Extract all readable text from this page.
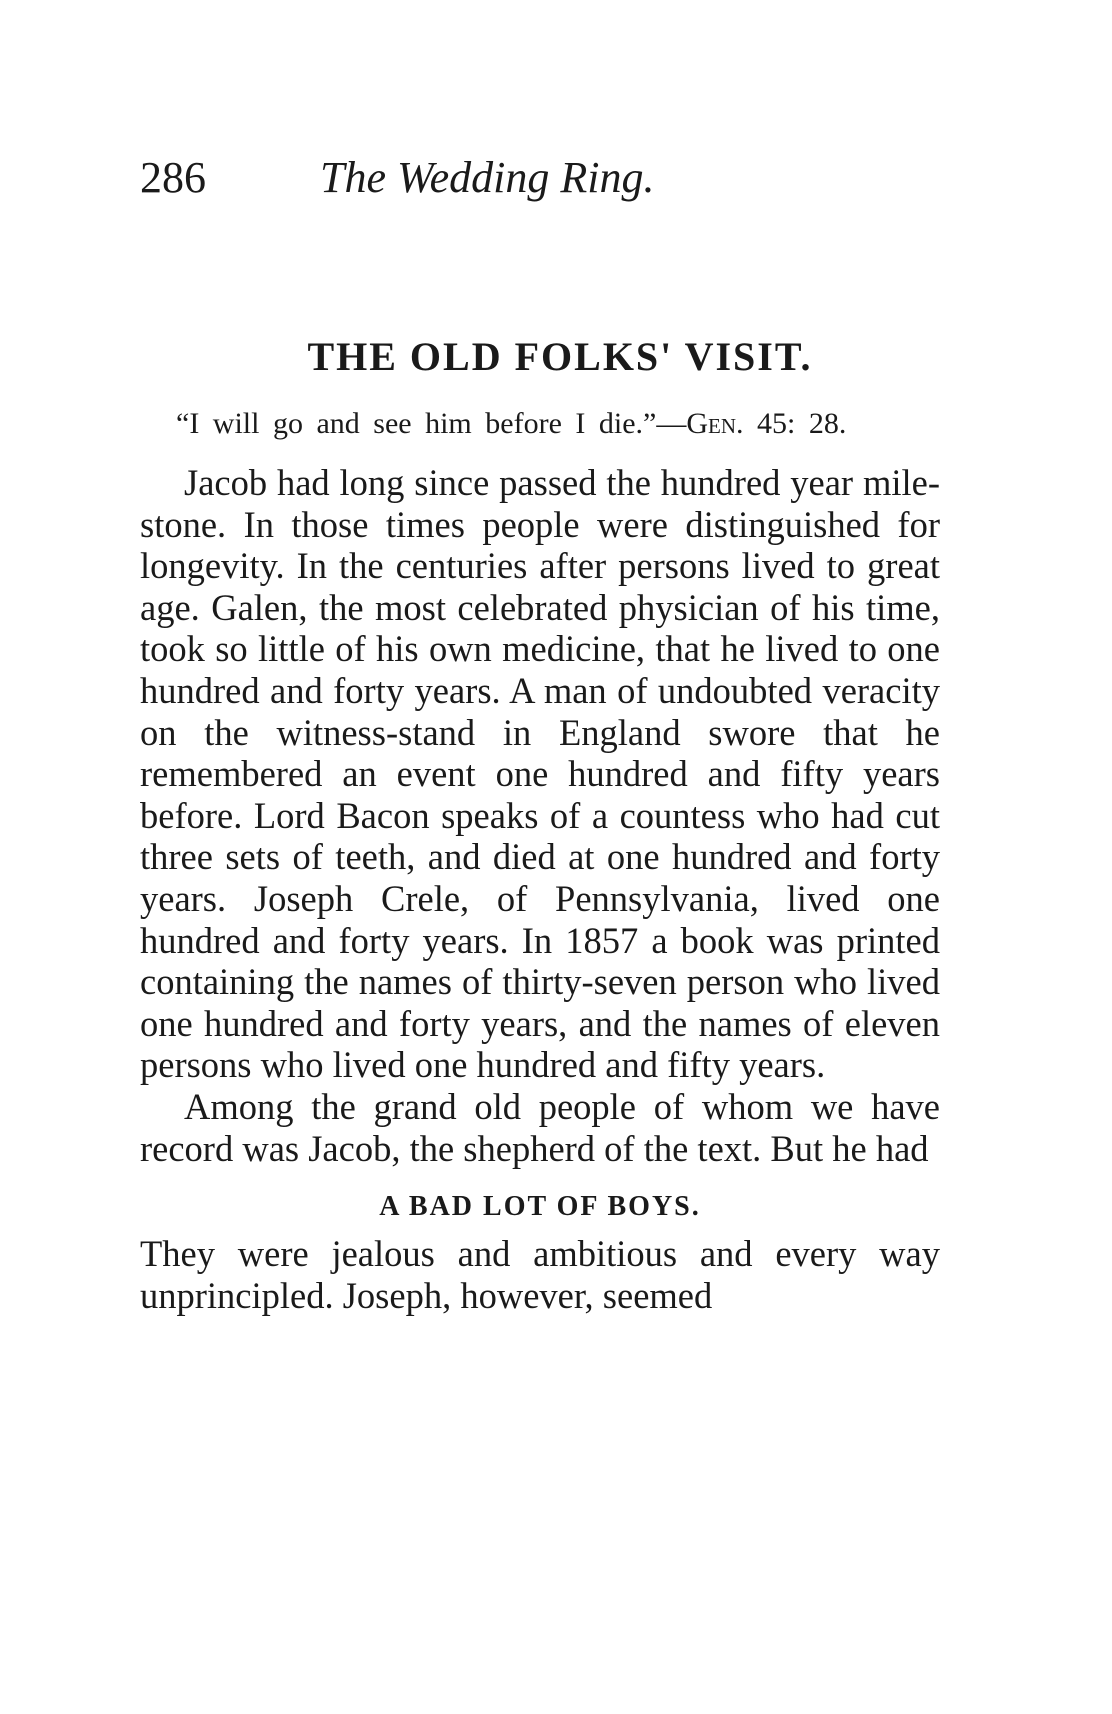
286	The Wedding Ring.
THE OLD FOLKS' VISIT.

“I will go and see him before I die.”—Gen. 45: 28.

Jacob had long since passed the hundred year mile-stone. In those times people were distinguished for longevity. In the centuries after persons lived to great age. Galen, the most celebrated physician of his time, took so little of his own medicine, that he lived to one hundred and forty years. A man of undoubted veracity on the witness-stand in England swore that he remembered an event one hundred and fifty years before. Lord Bacon speaks of a countess who had cut three sets of teeth, and died at one hundred and forty years. Joseph Crele, of Pennsylvania, lived one hundred and forty years. In 1857 a book was printed containing the names of thirty-seven person who lived one hundred and forty years, and the names of eleven persons who lived one hundred and fifty years.

Among the grand old people of whom we have record was Jacob, the shepherd of the text. But he had

A BAD LOT OF BOYS.

They were jealous and ambitious and every way unprincipled. Joseph, however, seemed
